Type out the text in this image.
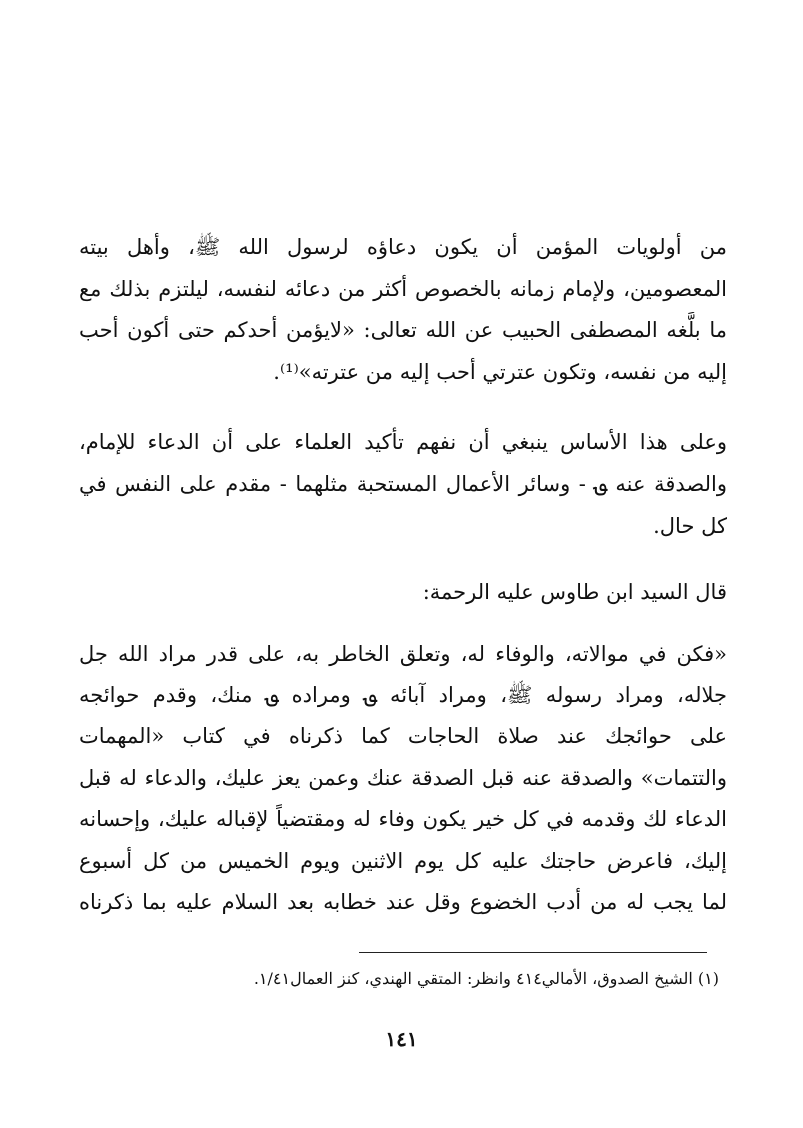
من أولويات المؤمن أن يكون دعاؤه لرسول الله ﷺ، وأهل بيته
المعصومين، ولإمام زمانه بالخصوص أكثر من دعائه لنفسه، ليلتزم بذلك مع
ما بلَّغه المصطفى الحبيب عن الله تعالى: «لايؤمن أحدكم حتى أكون أحب
إليه من نفسه، وتكون عترتي أحب إليه من عترته»⁽¹⁾.
وعلى هذا الأساس ينبغي أن نفهم تأكيد العلماء على أن الدعاء للإمام،
والصدقة عنه ؈ - وسائر الأعمال المستحبة مثلهما - مقدم على النفس في
كل حال.
قال السيد ابن طاوس عليه الرحمة:
«فكن في موالاته، والوفاء له، وتعلق الخاطر به، على قدر مراد الله جل
جلاله، ومراد رسوله ﷺ، ومراد آبائه ؈ ومراده ؈ منك، وقدم حوائجه
على حوائجك عند صلاة الحاجات كما ذكرناه في كتاب «المهمات
والتتمات» والصدقة عنه قبل الصدقة عنك وعمن يعز عليك، والدعاء له قبل
الدعاء لك وقدمه في كل خير يكون وفاء له ومقتضياً لإقباله عليك، وإحسانه
إليك، فاعرض حاجتك عليه كل يوم الاثنين ويوم الخميس من كل أسبوع
لما يجب له من أدب الخضوع وقل عند خطابه بعد السلام عليه بما ذكرناه
(١) الشيخ الصدوق، الأمالي٤١٤ وانظر: المتقي الهندي، كنز العمال١/٤١.
١٤١
